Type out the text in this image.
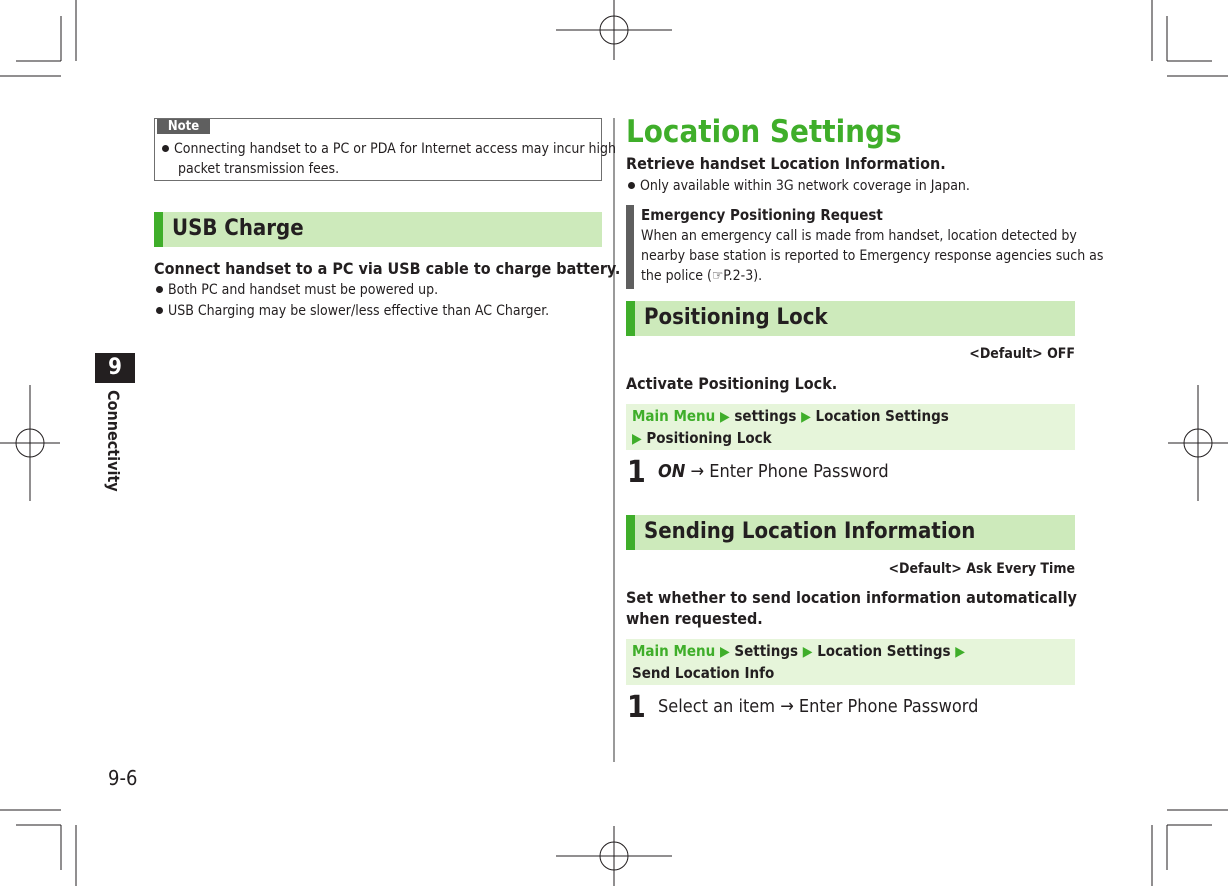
9
Connectivity
9-6
Note
Connecting handset to a PC or PDA for Internet access may incur high
packet transmission fees.
USB Charge
Connect handset to a PC via USB cable to charge battery.
Both PC and handset must be powered up.
USB Charging may be slower/less effective than AC Charger.
Location Settings
Retrieve handset Location Information.
Only available within 3G network coverage in Japan.
Emergency Positioning Request
When an emergency call is made from handset, location detected by
nearby base station is reported to Emergency response agencies such as
the police (☞P.2-3).
Positioning Lock
<Default> OFF
Activate Positioning Lock.
Main Menu ▶ settings ▶ Location Settings
▶ Positioning Lock
1 ON → Enter Phone Password
Sending Location Information
<Default> Ask Every Time
Set whether to send location information automatically
when requested.
Main Menu ▶ Settings ▶ Location Settings ▶
Send Location Info
1 Select an item → Enter Phone Password
